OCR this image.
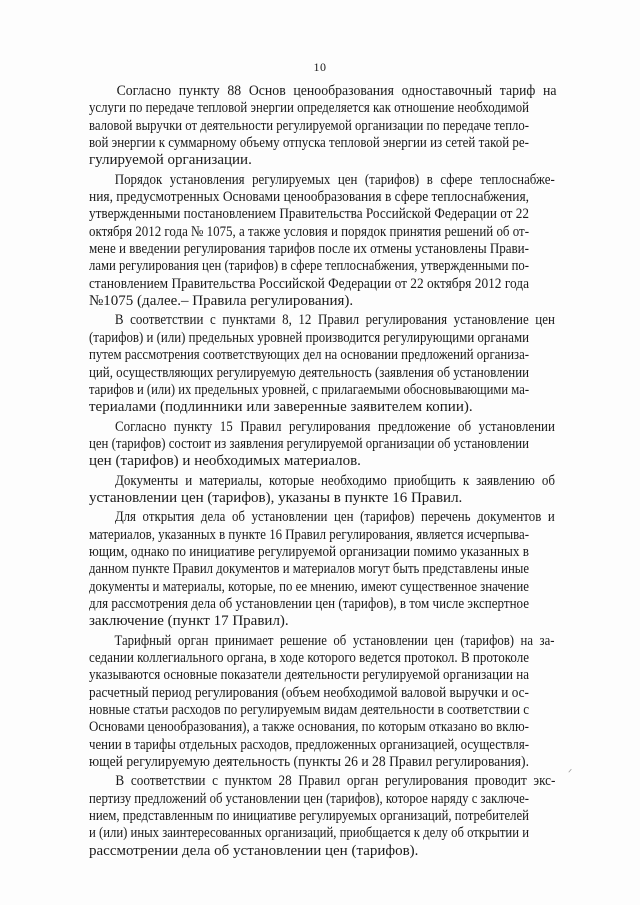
10
Согласно пункту 88 Основ ценообразования одноставочный тариф на
услуги по передаче тепловой энергии определяется как отношение необходимой
валовой выручки от деятельности регулируемой организации по передаче тепло-
вой энергии к суммарному объему отпуска тепловой энергии из сетей такой ре-
гулируемой организации.
Порядок установления регулируемых цен (тарифов) в сфере теплоснабже-
ния, предусмотренных Основами ценообразования в сфере теплоснабжения,
утвержденными постановлением Правительства Российской Федерации от 22
октября 2012 года № 1075, а также условия и порядок принятия решений об от-
мене и введении регулирования тарифов после их отмены установлены Прави-
лами регулирования цен (тарифов) в сфере теплоснабжения, утвержденными по-
становлением Правительства Российской Федерации от 22 октября 2012 года
№1075 (далее.– Правила регулирования).
В соответствии с пунктами 8, 12 Правил регулирования установление цен
(тарифов) и (или) предельных уровней производится регулирующими органами
путем рассмотрения соответствующих дел на основании предложений организа-
ций, осуществляющих регулируемую деятельность (заявления об установлении
тарифов и (или) их предельных уровней, с прилагаемыми обосновывающими ма-
териалами (подлинники или заверенные заявителем копии).
Согласно пункту 15 Правил регулирования предложение об установлении
цен (тарифов) состоит из заявления регулируемой организации об установлении
цен (тарифов) и необходимых материалов.
Документы и материалы, которые необходимо приобщить к заявлению об
установлении цен (тарифов), указаны в пункте 16 Правил.
Для открытия дела об установлении цен (тарифов) перечень документов и
материалов, указанных в пункте 16 Правил регулирования, является исчерпыва-
ющим, однако по инициативе регулируемой организации помимо указанных в
данном пункте Правил документов и материалов могут быть представлены иные
документы и материалы, которые, по ее мнению, имеют существенное значение
для рассмотрения дела об установлении цен (тарифов), в том числе экспертное
заключение (пункт 17 Правил).
Тарифный орган принимает решение об установлении цен (тарифов) на за-
седании коллегиального органа, в ходе которого ведется протокол. В протоколе
указываются основные показатели деятельности регулируемой организации на
расчетный период регулирования (объем необходимой валовой выручки и ос-
новные статьи расходов по регулируемым видам деятельности в соответствии с
Основами ценообразования), а также основания, по которым отказано во вклю-
чении в тарифы отдельных расходов, предложенных организацией, осуществля-
ющей регулируемую деятельность (пункты 26 и 28 Правил регулирования).
В соответствии с пунктом 28 Правил орган регулирования проводит экс-
пертизу предложений об установлении цен (тарифов), которое наряду с заключе-
нием, представленным по инициативе регулируемых организаций, потребителей
и (или) иных заинтересованных организаций, приобщается к делу об открытии и
рассмотрении дела об установлении цен (тарифов).
ᐟ
